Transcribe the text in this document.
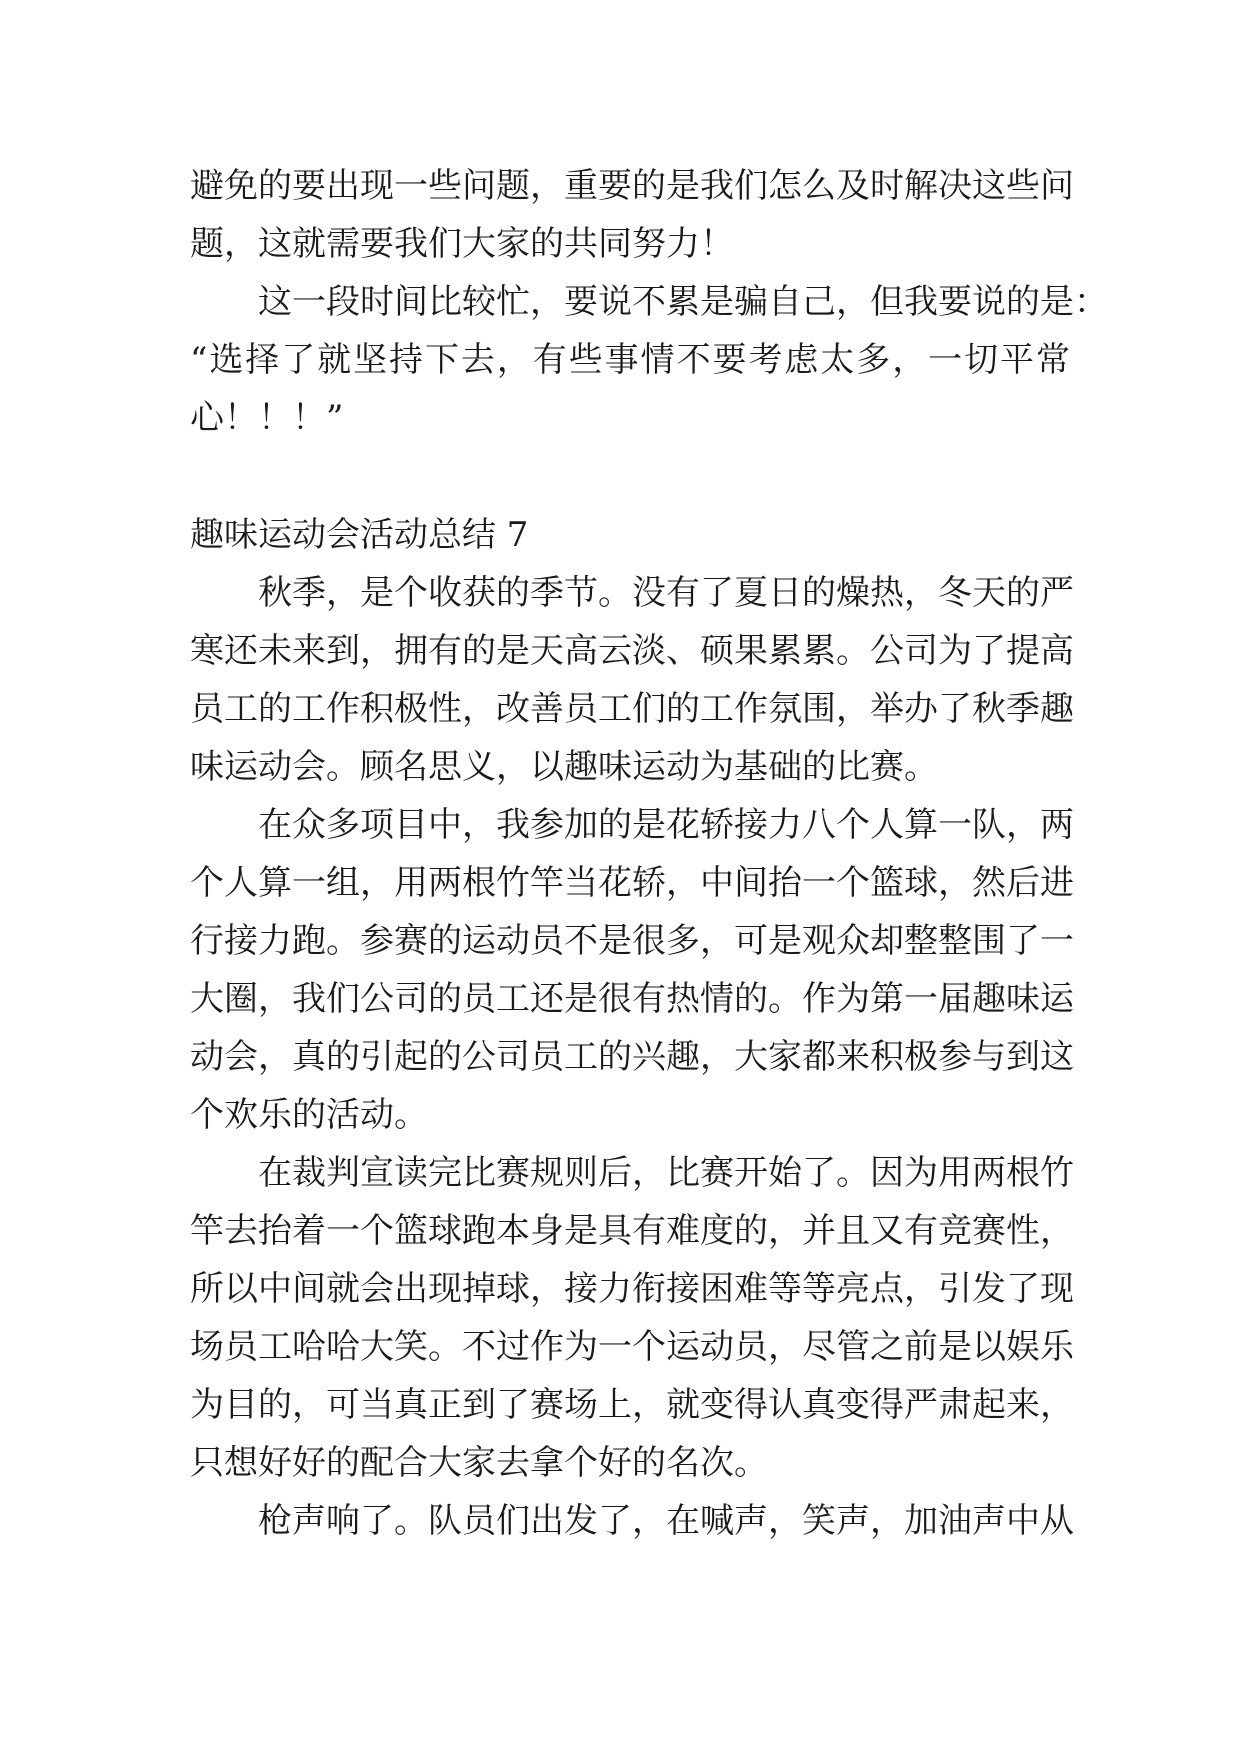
避免的要出现一些问题，重要的是我们怎么及时解决这些问
题，这就需要我们大家的共同努力！
这一段时间比较忙，要说不累是骗自己，但我要说的是：
“选择了就坚持下去，有些事情不要考虑太多，一切平常
心！！！”
趣味运动会活动总结 7
秋季，是个收获的季节。没有了夏日的燥热，冬天的严
寒还未来到，拥有的是天高云淡、硕果累累。公司为了提高
员工的工作积极性，改善员工们的工作氛围，举办了秋季趣
味运动会。顾名思义，以趣味运动为基础的比赛。
在众多项目中，我参加的是花轿接力八个人算一队，两
个人算一组，用两根竹竿当花轿，中间抬一个篮球，然后进
行接力跑。参赛的运动员不是很多，可是观众却整整围了一
大圈，我们公司的员工还是很有热情的。作为第一届趣味运
动会，真的引起的公司员工的兴趣，大家都来积极参与到这
个欢乐的活动。
在裁判宣读完比赛规则后，比赛开始了。因为用两根竹
竿去抬着一个篮球跑本身是具有难度的，并且又有竞赛性，
所以中间就会出现掉球，接力衔接困难等等亮点，引发了现
场员工哈哈大笑。不过作为一个运动员，尽管之前是以娱乐
为目的，可当真正到了赛场上，就变得认真变得严肃起来，
只想好好的配合大家去拿个好的名次。
枪声响了。队员们出发了，在喊声，笑声，加油声中从
